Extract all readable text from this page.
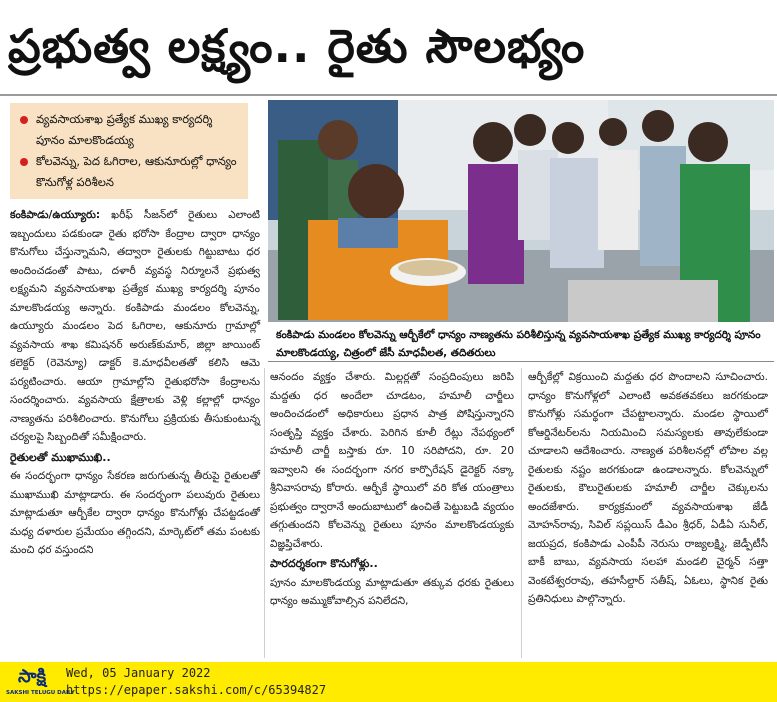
ప్రభుత్వ లక్ష్యం.. రైతు సౌలభ్యం
వ్యవసాయశాఖ ప్రత్యేక ముఖ్య కార్యదర్శి పూనం మాలకొండయ్య
కోలవెన్ను, పెద ఓగిరాల, ఆకునూరుల్లో ధాన్యం కొనుగోళ్ల పరిశీలన
కంకిపాడు మండలం కోలవెన్ను ఆర్బీకేలో ధాన్యం నాణ్యతను పరిశీలిస్తున్న వ్యవసాయశాఖ ప్రత్యేక ముఖ్య కార్యదర్శి పూనం మాలకొండయ్య, చిత్రంలో జేసీ మాధవీలత, తదితరులు

కంకిపాడు/ఉయ్యూరు: ఖరీఫ్ సీజన్‌లో రైతులు ఎలాంటి ఇబ్బందులు పడకుండా రైతు భరోసా కేంద్రాల ద్వారా ధాన్యం కొనుగోలు చేస్తున్నామని, తద్వారా రైతులకు గిట్టుబాటు ధర అందించడంతో పాటు, దళారీ వ్యవస్థ నిర్మూలనే ప్రభుత్వ లక్ష్యమని వ్యవసాయశాఖ ప్రత్యేక ముఖ్య కార్యదర్శి పూనం మాలకొండయ్య అన్నారు. కంకిపాడు మండలం కోలవెన్ను, ఉయ్యూరు మండలం పెద ఓగిరాల, ఆకునూరు గ్రామాల్లో వ్యవసాయ శాఖ కమిషనర్ అరుణ్‌కుమార్, జిల్లా జాయింట్ కలెక్టర్ (రెవెన్యూ) డాక్టర్ కె.మాధవీలతతో కలిసి ఆమె పర్యటించారు. ఆయా గ్రామాల్లోని రైతుభరోసా కేంద్రాలను సందర్శించారు. వ్యవసాయ క్షేత్రాలకు వెళ్లి కల్లాల్లో ధాన్యం నాణ్యతను పరిశీలించారు. కొనుగోలు ప్రక్రియకు తీసుకుంటున్న చర్యలపై సిబ్బందితో సమీక్షించారు.

రైతులతో ముఖాముఖి..

ఈ సందర్భంగా ధాన్యం సేకరణ జరుగుతున్న తీరుపై రైతులతో ముఖాముఖి మాట్లాడారు. ఈ సందర్భంగా పలువురు రైతులు మాట్లాడుతూ ఆర్బీకేల ద్వారా ధాన్యం కొనుగోళ్లు చేపట్టడంతో మధ్య దళారుల ప్రమేయం తగ్గిందని, మార్కెట్‌లో తమ పంటకు మంచి ధర వస్తుందని

ఆనందం వ్యక్తం చేశారు. మిల్లర్లతో సంప్రదింపులు జరిపి మద్దతు ధర అందేలా చూడటం, హమాలీ చార్జీలు అందించడంలో అధికారులు ప్రధాన పాత్ర పోషిస్తున్నారని సంతృప్తి వ్యక్తం చేశారు. పెరిగిన కూలీ రేట్లు నేపథ్యంలో హమాలీ చార్జీ బస్తాకు రూ. 10 సరిపోదని, రూ. 20 ఇవ్వాలని ఈ సందర్భంగా నగర కార్పొరేషన్ డైరెక్టర్ నక్కా శ్రీనివాసరావు కోరారు. ఆర్బీకే స్థాయిలో వరి కోత యంత్రాలు ప్రభుత్వం ద్వారానే అందుబాటులో ఉంచితే పెట్టుబడి వ్యయం తగ్గుతుందని కోలవెన్ను రైతులు పూనం మాలకొండయ్యకు విజ్ఞప్తిచేశారు.

పారదర్శకంగా కొనుగోళ్లు..

పూనం మాలకొండయ్య మాట్లాడుతూ తక్కువ ధరకు రైతులు ధాన్యం అమ్ముకోవాల్సిన పనిలేదని,

ఆర్బీకేల్లో విక్రయించి మద్దతు ధర పొందాలని సూచించారు. ధాన్యం కొనుగోళ్లలో ఎలాంటి అవకతవకలు జరగకుండా కొనుగోళ్లు సమర్థంగా చేపట్టాలన్నారు. మండల స్థాయిలో కోఆర్డినేటర్‌లను నియమించి సమస్యలకు తావులేకుండా చూడాలని ఆదేశించారు. నాణ్యత పరిశీలనల్లో లోపాల వల్ల రైతులకు నష్టం జరగకుండా ఉండాలన్నారు. కోలవెన్నులో రైతులకు, కౌలురైతులకు హమాలీ చార్జీల చెక్కులను అందజేశారు. కార్యక్రమంలో వ్యవసాయశాఖ జేడీ మోహన్‌రావు, సివిల్ సప్లయిస్ డీఎం శ్రీధర్, ఏడీఏ సునీల్, జయప్రద, కంకిపాడు ఎంపీపీ నెరుసు రాజ్యలక్ష్మి, జెడ్పీటీసీ బాకీ బాబు, వ్యవసాయ సలహా మండలి చైర్మన్ సత్తా వెంకటేశ్వరరావు, తహసీల్దార్ సతీష్, ఏఓలు, స్థానిక రైతు ప్రతినిధులు పాల్గొన్నారు.

సాక్షి
SAKSHI TELUGU DAILY
Wed, 05 January 2022
https://epaper.sakshi.com/c/65394827
